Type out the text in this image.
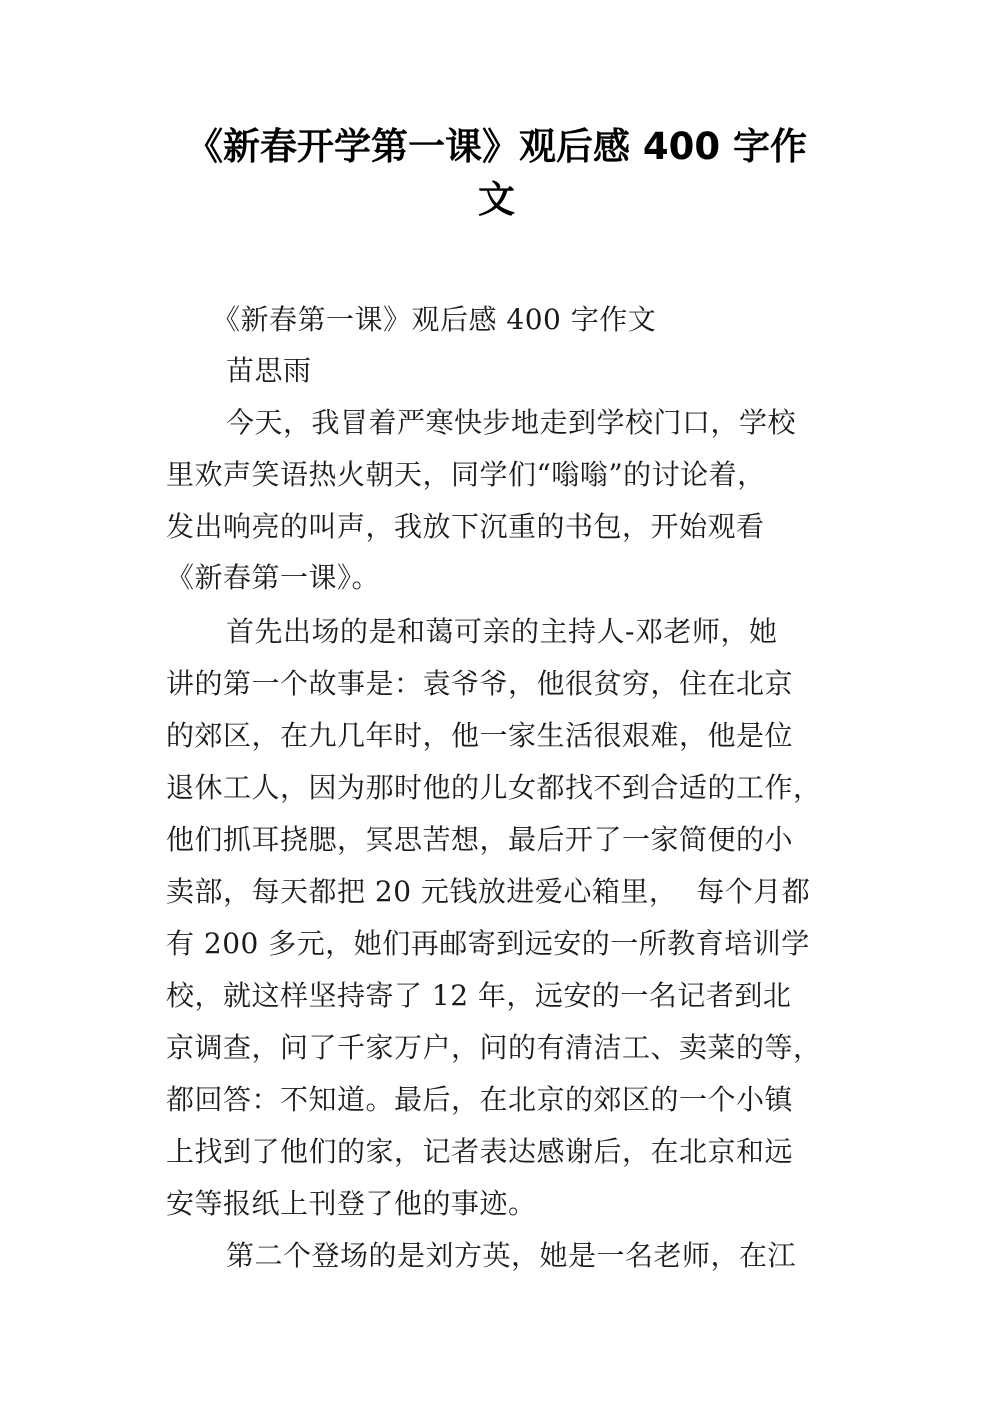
《新春开学第一课》观后感 400 字作
文
《新春第一课》观后感 400 字作文
苗思雨
今天，我冒着严寒快步地走到学校门口，学校
里欢声笑语热火朝天，同学们“嗡嗡”的讨论着，
发出响亮的叫声，我放下沉重的书包，开始观看
《新春第一课》。
首先出场的是和蔼可亲的主持人-邓老师，她
讲的第一个故事是：袁爷爷，他很贫穷，住在北京
的郊区，在九几年时，他一家生活很艰难，他是位
退休工人，因为那时他的儿女都找不到合适的工作，
他们抓耳挠腮，冥思苦想，最后开了一家简便的小
卖部，每天都把 20 元钱放进爱心箱里，  每个月都
有 200 多元，她们再邮寄到远安的一所教育培训学
校，就这样坚持寄了 12 年，远安的一名记者到北
京调查，问了千家万户，问的有清洁工、卖菜的等，
都回答：不知道。最后，在北京的郊区的一个小镇
上找到了他们的家，记者表达感谢后，在北京和远
安等报纸上刊登了他的事迹。
第二个登场的是刘方英，她是一名老师，在江
